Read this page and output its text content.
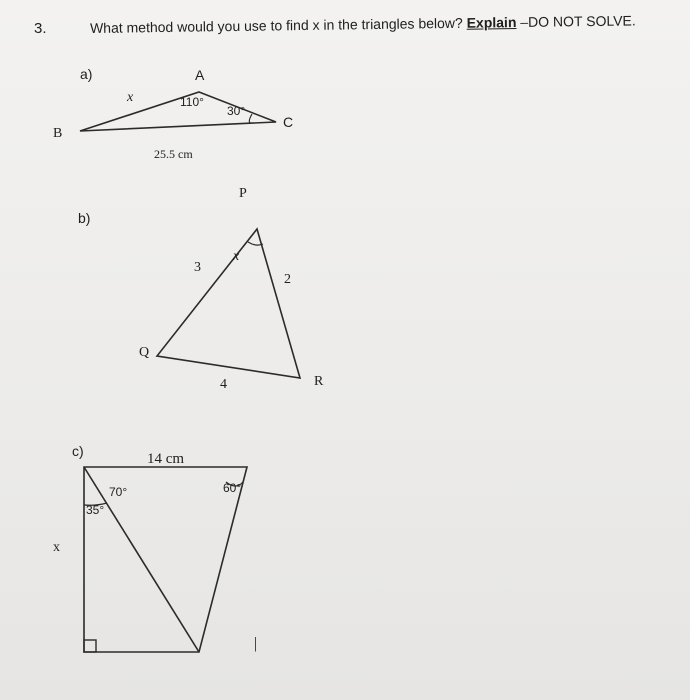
3.	What method would you use to find x in the triangles below? Explain –DO NOT SOLVE.
a)	A
B
C
x	110°
30°
25.5 cm
b)
P
Q
R
3
x
2
4
c)
x
14 cm
70°	60°
35°
|
